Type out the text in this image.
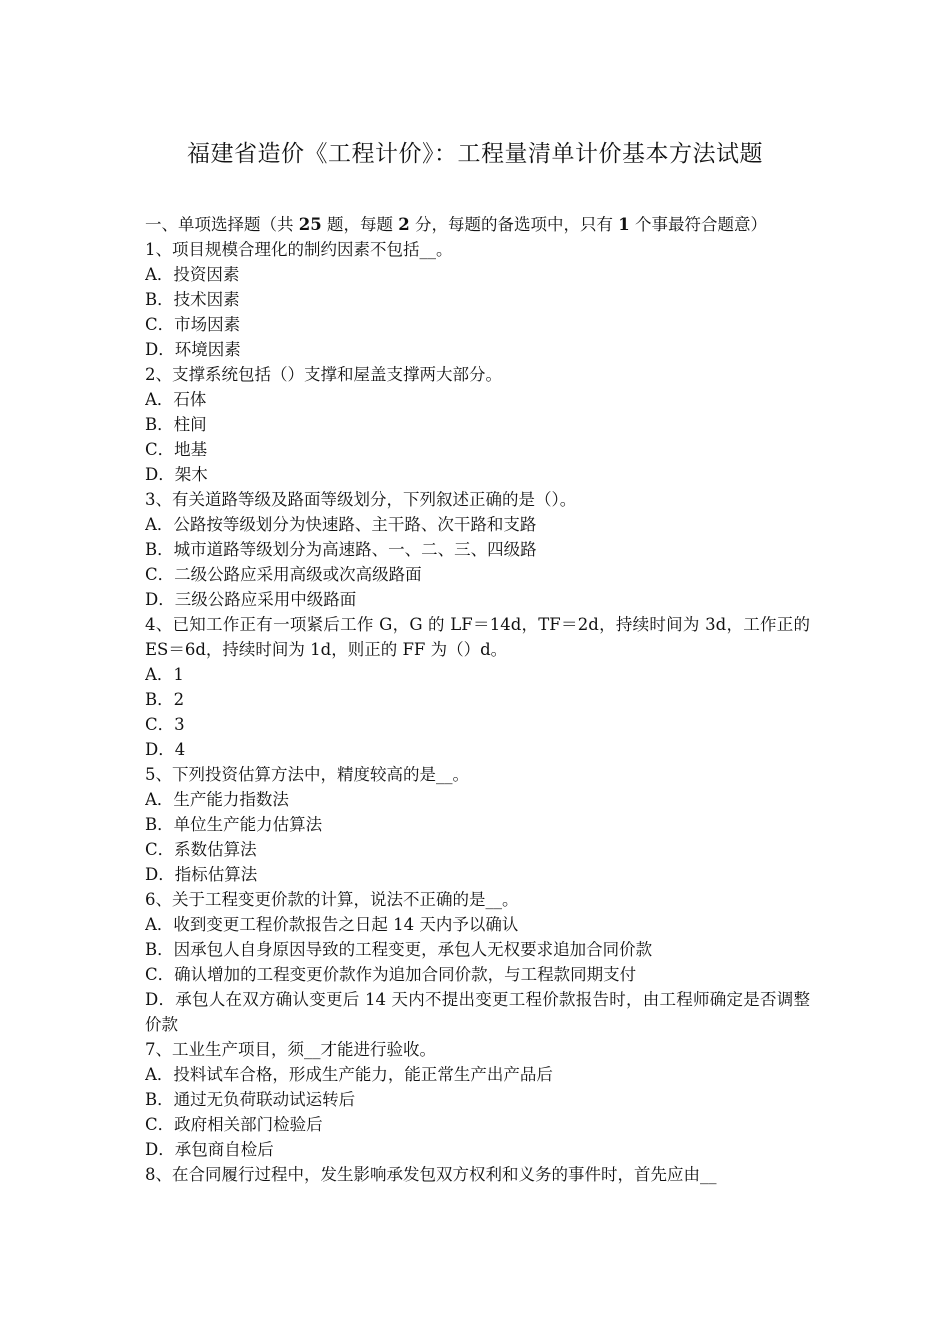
福建省造价《工程计价》：工程量清单计价基本方法试题
一、单项选择题（共 25 题，每题 2 分，每题的备选项中，只有 1 个事最符合题意）
1、项目规模合理化的制约因素不包括__。
A．投资因素
B．技术因素
C．市场因素
D．环境因素
2、支撑系统包括（）支撑和屋盖支撑两大部分。
A．石体
B．柱间
C．地基
D．架木
3、有关道路等级及路面等级划分，下列叙述正确的是（）。
A．公路按等级划分为快速路、主干路、次干路和支路
B．城市道路等级划分为高速路、一、二、三、四级路
C．二级公路应采用高级或次高级路面
D．三级公路应采用中级路面
4、已知工作正有一项紧后工作 G，G 的 LF＝14d，TF＝2d，持续时间为 3d，工作正的 ES＝6d，持续时间为 1d，则正的 FF 为（）d。
A．1
B．2
C．3
D．4
5、下列投资估算方法中，精度较高的是__。
A．生产能力指数法
B．单位生产能力估算法
C．系数估算法
D．指标估算法
6、关于工程变更价款的计算，说法不正确的是__。
A．收到变更工程价款报告之日起 14 天内予以确认
B．因承包人自身原因导致的工程变更，承包人无权要求追加合同价款
C．确认增加的工程变更价款作为追加合同价款，与工程款同期支付
D．承包人在双方确认变更后 14 天内不提出变更工程价款报告时，由工程师确定是否调整价款
7、工业生产项目，须__才能进行验收。
A．投料试车合格，形成生产能力，能正常生产出产品后
B．通过无负荷联动试运转后
C．政府相关部门检验后
D．承包商自检后
8、在合同履行过程中，发生影响承发包双方权利和义务的事件时，首先应由__
